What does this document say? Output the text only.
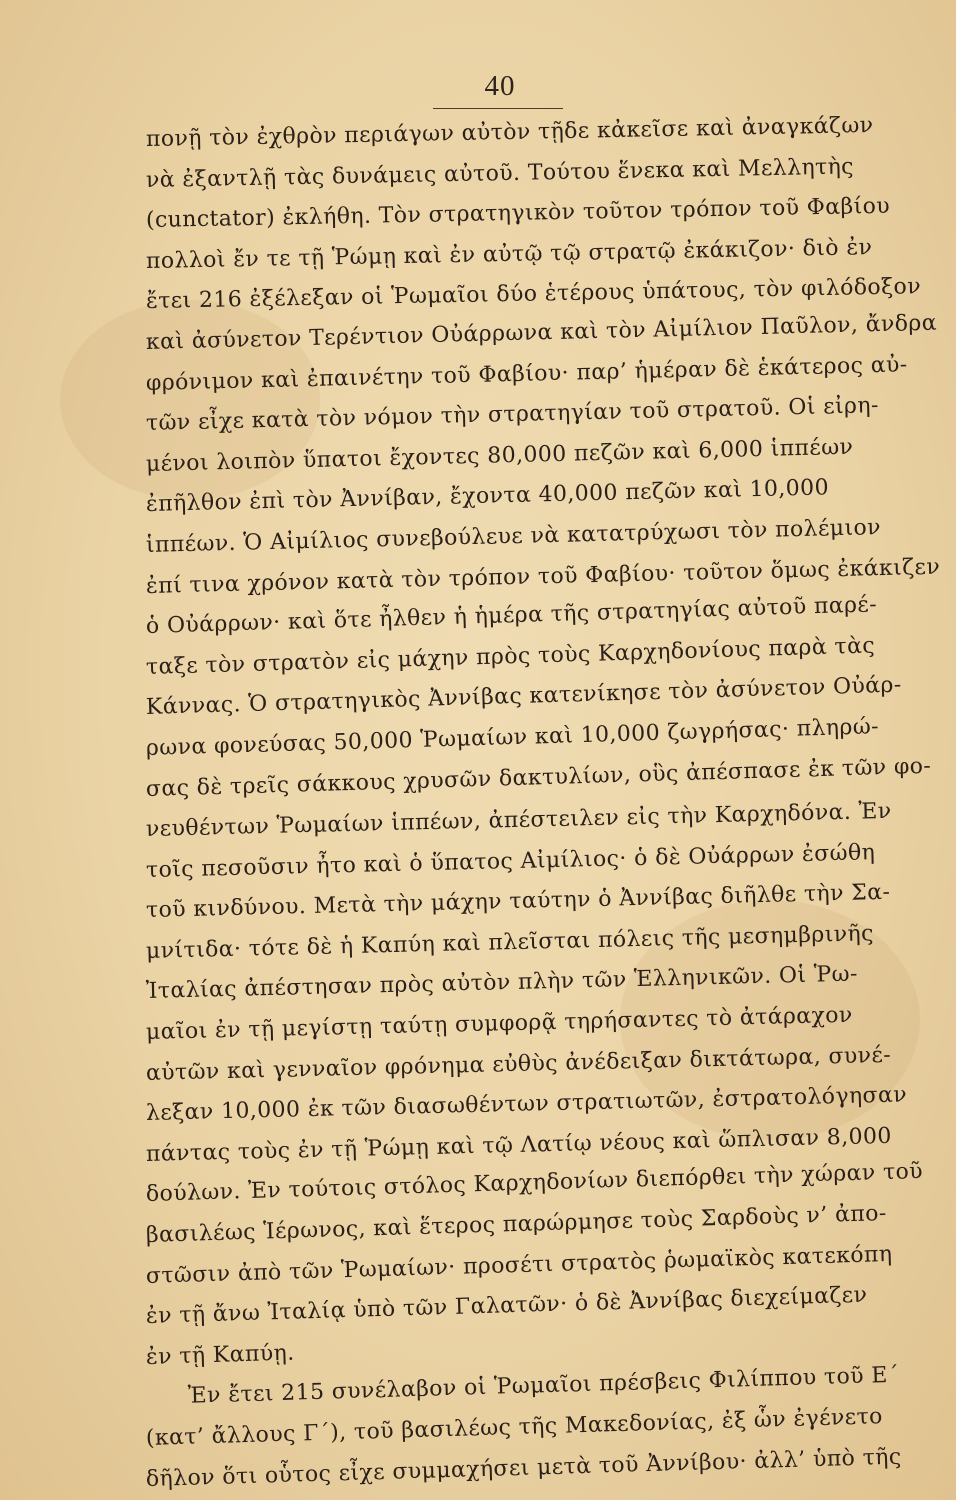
40
πονῇ τὸν ἐχθρὸν περιάγων αὐτὸν τῇδε κἀκεῖσε καὶ ἀναγκάζων
νὰ ἐξαντλῇ τὰς δυνάμεις αὐτοῦ. Τούτου ἕνεκα καὶ Μελλητὴς
(cunctator) ἐκλήθη. Τὸν στρατηγικὸν τοῦτον τρόπον τοῦ Φαβίου
πολλοὶ ἔν τε τῇ Ῥώμῃ καὶ ἐν αὐτῷ τῷ στρατῷ ἐκάκιζον· διὸ ἐν
ἔτει 216 ἐξέλεξαν οἱ Ῥωμαῖοι δύο ἑτέρους ὑπάτους, τὸν φιλόδοξον
καὶ ἀσύνετον Τερέντιον Οὐάρρωνα καὶ τὸν Αἰμίλιον Παῦλον, ἄνδρα
φρόνιμον καὶ ἐπαινέτην τοῦ Φαβίου· παρ’ ἡμέραν δὲ ἑκάτερος αὐ-
τῶν εἶχε κατὰ τὸν νόμον τὴν στρατηγίαν τοῦ στρατοῦ. Οἱ εἰρη-
μένοι λοιπὸν ὕπατοι ἔχοντες 80,000 πεζῶν καὶ 6,000 ἱππέων
ἐπῆλθον ἐπὶ τὸν Ἀννίβαν, ἔχοντα 40,000 πεζῶν καὶ 10,000
ἱππέων. Ὁ Αἰμίλιος συνεβούλευε νὰ κατατρύχωσι τὸν πολέμιον
ἐπί τινα χρόνον κατὰ τὸν τρόπον τοῦ Φαβίου· τοῦτον ὅμως ἐκάκιζεν
ὁ Οὐάρρων· καὶ ὅτε ἦλθεν ἡ ἡμέρα τῆς στρατηγίας αὐτοῦ παρέ-
ταξε τὸν στρατὸν εἰς μάχην πρὸς τοὺς Καρχηδονίους παρὰ τὰς
Κάννας. Ὁ στρατηγικὸς Ἀννίβας κατενίκησε τὸν ἀσύνετον Οὐάρ-
ρωνα φονεύσας 50,000 Ῥωμαίων καὶ 10,000 ζωγρήσας· πληρώ-
σας δὲ τρεῖς σάκκους χρυσῶν δακτυλίων, οὓς ἀπέσπασε ἐκ τῶν φο-
νευθέντων Ῥωμαίων ἱππέων, ἀπέστειλεν εἰς τὴν Καρχηδόνα. Ἐν
τοῖς πεσοῦσιν ἦτο καὶ ὁ ὕπατος Αἰμίλιος· ὁ δὲ Οὐάρρων ἐσώθη
τοῦ κινδύνου. Μετὰ τὴν μάχην ταύτην ὁ Ἀννίβας διῆλθε τὴν Σα-
μνίτιδα· τότε δὲ ἡ Καπύη καὶ πλεῖσται πόλεις τῆς μεσημβρινῆς
Ἰταλίας ἀπέστησαν πρὸς αὐτὸν πλὴν τῶν Ἑλληνικῶν. Οἱ Ῥω-
μαῖοι ἐν τῇ μεγίστῃ ταύτῃ συμφορᾷ τηρήσαντες τὸ ἀτάραχον
αὐτῶν καὶ γενναῖον φρόνημα εὐθὺς ἀνέδειξαν δικτάτωρα, συνέ-
λεξαν 10,000 ἐκ τῶν διασωθέντων στρατιωτῶν, ἐστρατολόγησαν
πάντας τοὺς ἐν τῇ Ῥώμῃ καὶ τῷ Λατίῳ νέους καὶ ὥπλισαν 8,000
δούλων. Ἐν τούτοις στόλος Καρχηδονίων διεπόρθει τὴν χώραν τοῦ
βασιλέως Ἱέρωνος, καὶ ἕτερος παρώρμησε τοὺς Σαρδοὺς ν’ ἀπο-
στῶσιν ἀπὸ τῶν Ῥωμαίων· προσέτι στρατὸς ῥωμαϊκὸς κατεκόπη
ἐν τῇ ἄνω Ἰταλίᾳ ὑπὸ τῶν Γαλατῶν· ὁ δὲ Ἀννίβας διεχείμαζεν
ἐν τῇ Καπύῃ.
Ἐν ἔτει 215 συνέλαβον οἱ Ῥωμαῖοι πρέσβεις Φιλίππου τοῦ Ε΄
(κατ’ ἄλλους Γ΄), τοῦ βασιλέως τῆς Μακεδονίας, ἐξ ὧν ἐγένετο
δῆλον ὅτι οὗτος εἶχε συμμαχήσει μετὰ τοῦ Ἀννίβου· ἀλλ’ ὑπὸ τῆς
